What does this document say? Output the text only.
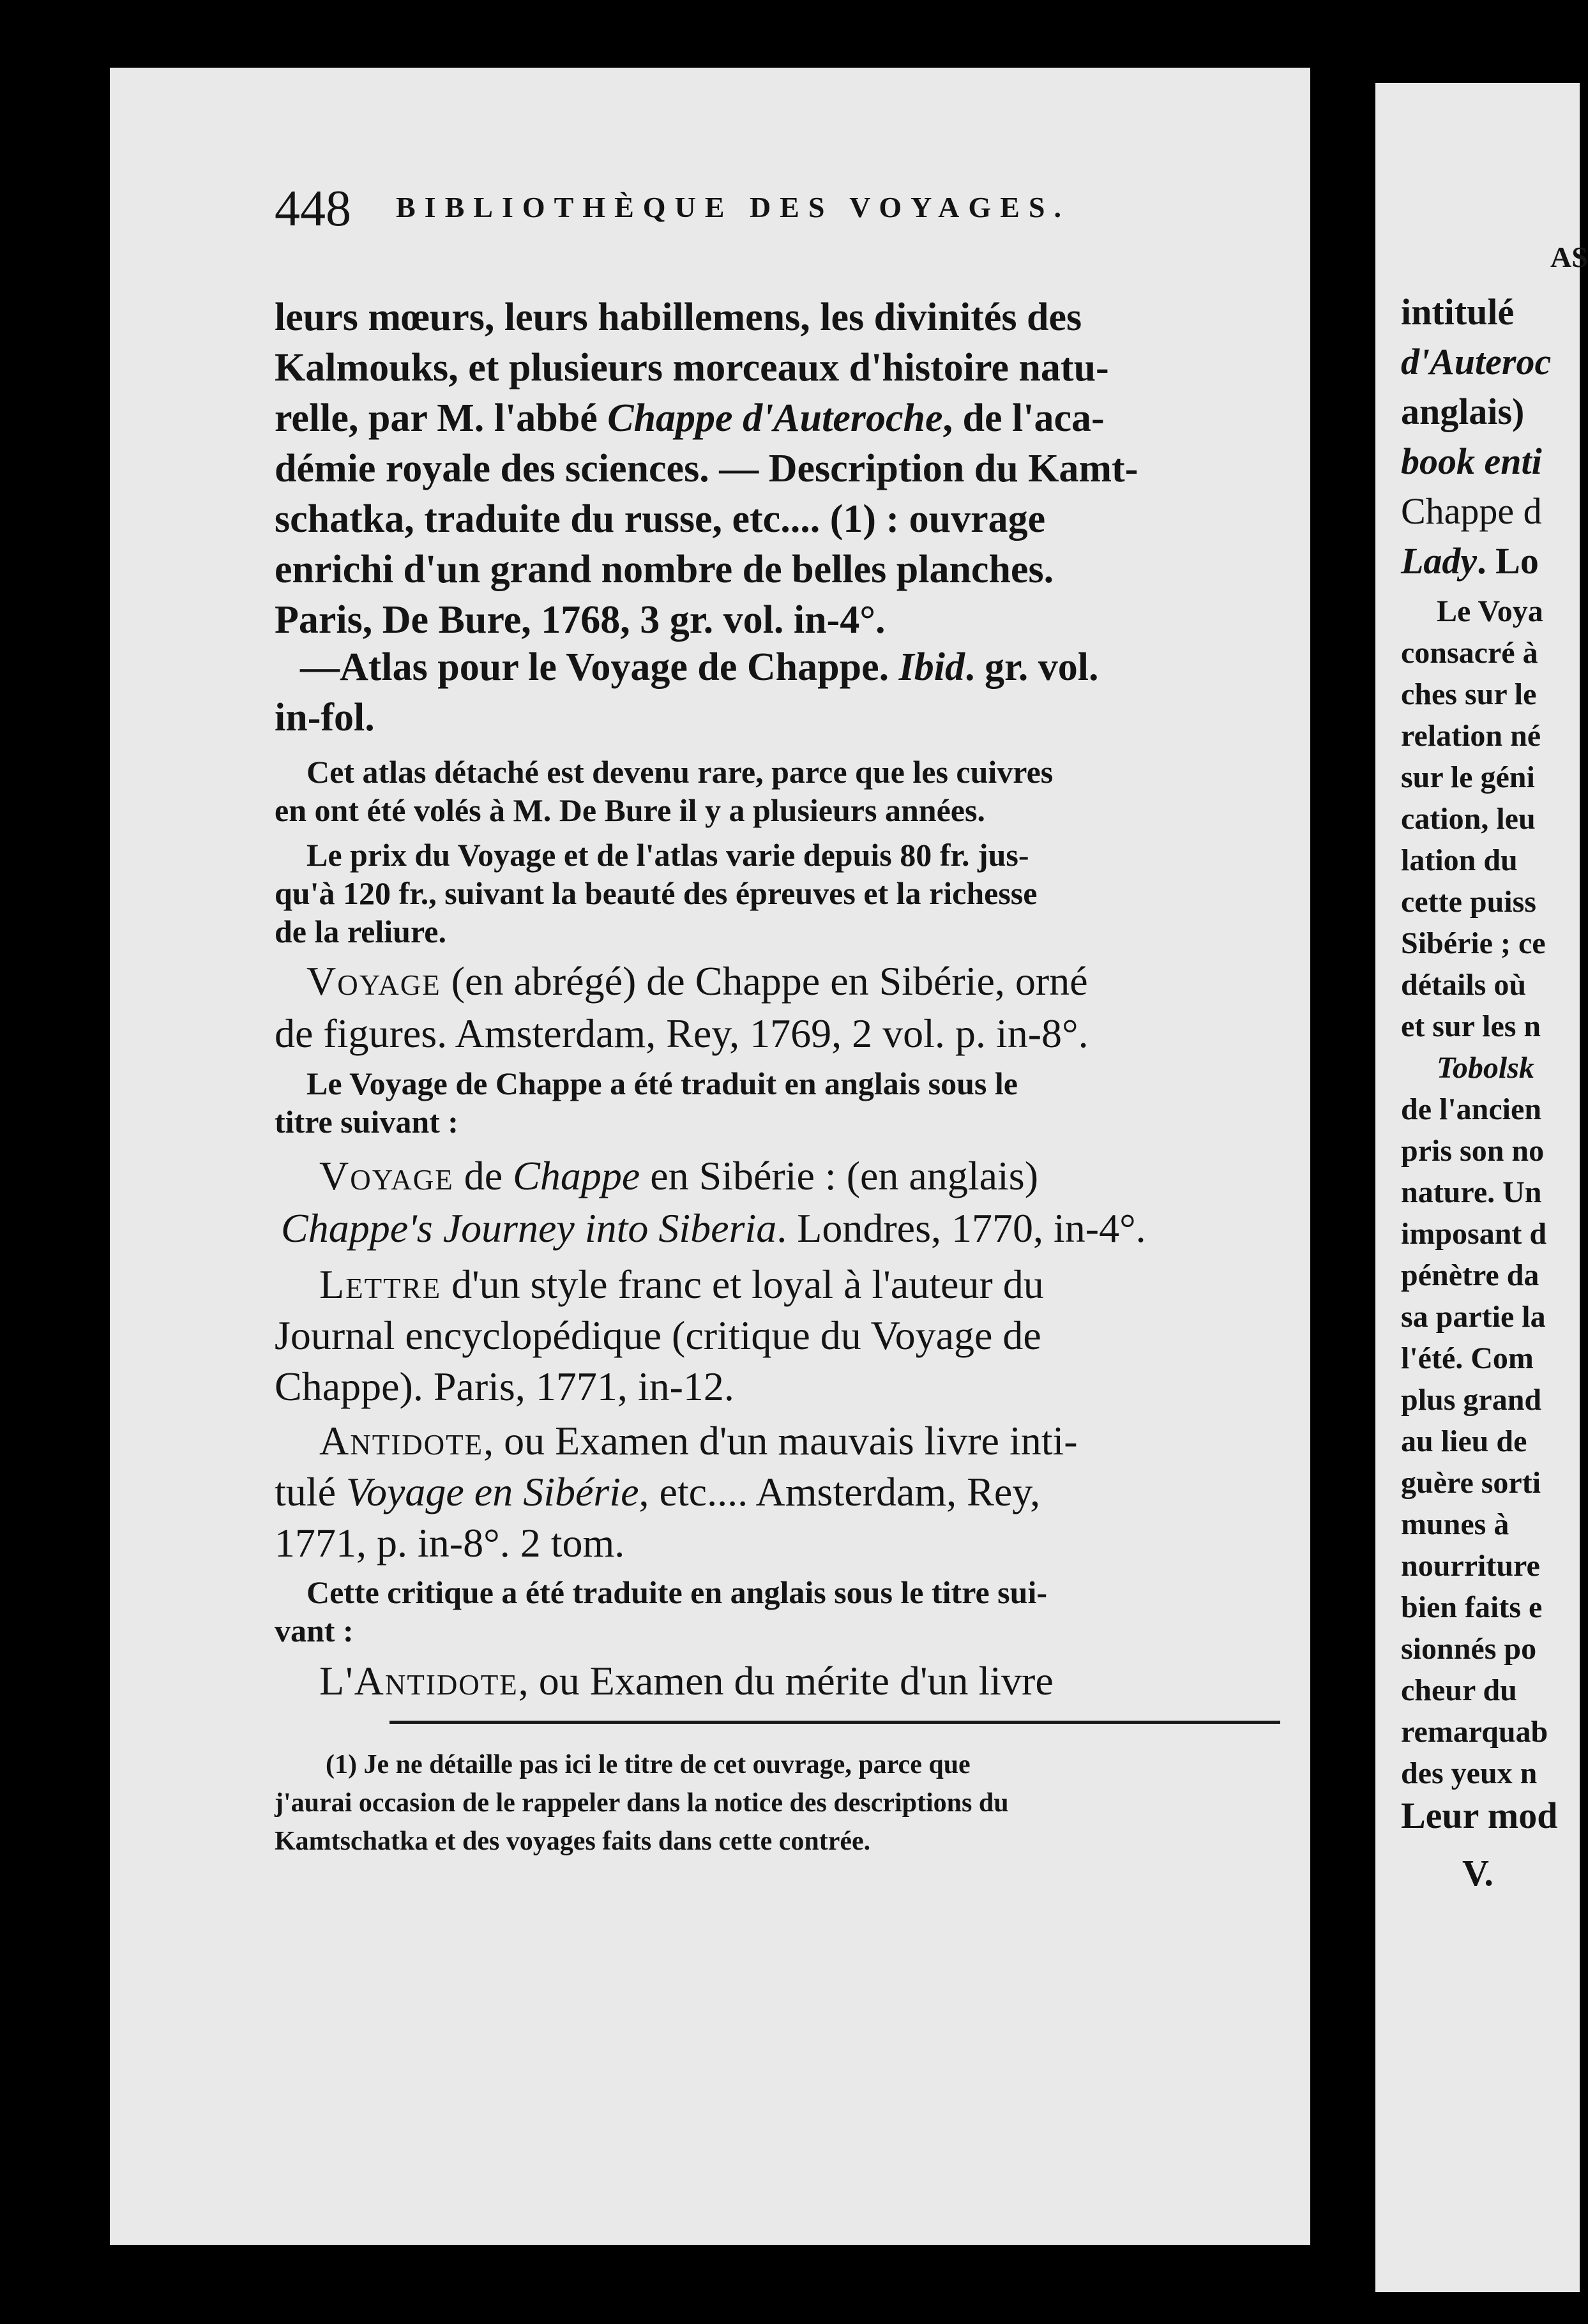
448 BIBLIOTHÈQUE DES VOYAGES.
leurs mœurs, leurs habillemens, les divinités des
Kalmouks, et plusieurs morceaux d'histoire natu-
relle, par M. l'abbé Chappe d'Auteroche, de l'aca-
démie royale des sciences. — Description du Kamt-
schatka, traduite du russe, etc.... (1) : ouvrage
enrichi d'un grand nombre de belles planches.
Paris, De Bure, 1768, 3 gr. vol. in-4°.
—Atlas pour le Voyage de Chappe. Ibid. gr. vol.
in-fol.
Cet atlas détaché est devenu rare, parce que les cuivres
en ont été volés à M. De Bure il y a plusieurs années.
Le prix du Voyage et de l'atlas varie depuis 80 fr. jus-
qu'à 120 fr., suivant la beauté des épreuves et la richesse
de la reliure.
Voyage (en abrégé) de Chappe en Sibérie, orné
de figures. Amsterdam, Rey, 1769, 2 vol. p. in-8°.
Le Voyage de Chappe a été traduit en anglais sous le
titre suivant :
Voyage de Chappe en Sibérie : (en anglais)
Chappe's Journey into Siberia. Londres, 1770, in-4°.
Lettre d'un style franc et loyal à l'auteur du
Journal encyclopédique (critique du Voyage de
Chappe). Paris, 1771, in-12.
Antidote, ou Examen d'un mauvais livre inti-
tulé Voyage en Sibérie, etc.... Amsterdam, Rey,
1771, p. in-8°. 2 tom.
Cette critique a été traduite en anglais sous le titre sui-
vant :
L'Antidote, ou Examen du mérite d'un livre
(1) Je ne détaille pas ici le titre de cet ouvrage, parce que
j'aurai occasion de le rappeler dans la notice des descriptions du
Kamtschatka et des voyages faits dans cette contrée.
AS
intitulé
d'Auteroc
anglais)
book enti
Chappe d
Lady. Lo
Le Voya
consacré à
ches sur le
relation né
sur le géni
cation, leu
lation du
cette puiss
Sibérie ; ce
détails où
et sur les n
Tobolsk
de l'ancien
pris son no
nature. Un
imposant d
pénètre da
sa partie la
l'été. Com
plus grand
au lieu de
guère sorti
munes à
nourriture
bien faits e
sionnés po
cheur du
remarquab
des yeux n
Leur mod
V.
